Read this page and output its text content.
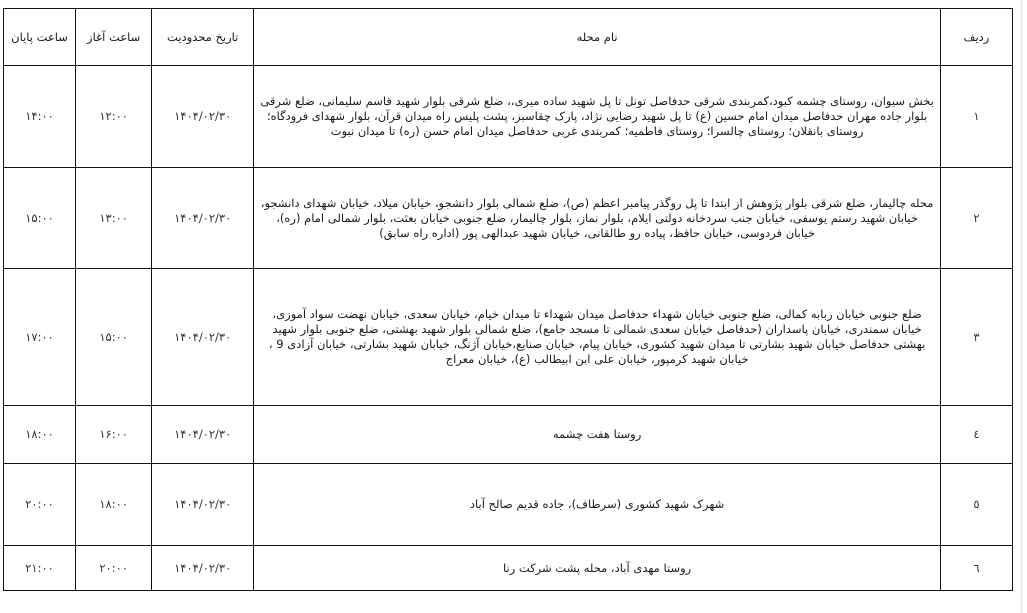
ردیف	نام محله	تاریخ محدودیت	ساعت آغاز	ساعت پایان
۱	بخش سیوان، روستای چشمه کبود،کمربندی شرقی حدفاصل تونل تا پل شهید ساده میری،، ضلع شرقی بلوار شهید قاسم سلیمانی، ضلع شرقی بلوار جاده مهران حدفاصل میدان امام حسین (ع) تا پل شهید رضایی نژاد، پارک چقاسبز، پشت پلیس راه میدان قرآن، بلوار شهدای فرودگاه؛ روستای بانقلان؛ روستای چالسرا؛ روستای فاطمیه؛ کمربندی غربی حدفاصل میدان امام حسن (ره) تا میدان نبوت	۱۴۰۴/۰۲/۳۰	۱۲:۰۰	۱۴:۰۰
۲	محله چالیمار، ضلع شرقی بلوار پژوهش از ابتدا تا پل روگذر پیامبر اعظم (ص)، ضلع شمالی بلوار دانشجو، خیابان میلاد، خیابان شهدای دانشجو، خیابان شهید رستم یوسفی، خیابان جنب سردخانه دولتی ایلام، بلوار نماز، بلوار چالیمار، ضلع جنوبی خیابان بعثت، بلوار شمالی امام (ره)، خیابان فردوسی، خیابان حافظ، پیاده رو طالقانی، خیابان شهید عبدالهی پور (اداره راه سابق)	۱۴۰۴/۰۲/۳۰	۱۳:۰۰	۱۵:۰۰
۳	ضلع جنوبی خیابان ربابه کمالی، ضلع جنوبی خیابان شهداء حدفاصل میدان شهداء تا میدان خیام، خیابان سعدی، خیابان نهضت سواد آموزی، خیابان سمندری، خیابان پاسداران (حدفاصل خیابان سعدی شمالی تا مسجد جامع)، ضلع شمالی بلوار شهید بهشتی، ضلع جنوبی بلوار شهید بهشتی حدفاصل خیابان شهید بشارتی تا میدان شهید کشوری، خیابان پیام، خیابان صنایع،خیابان آژنگ، خیابان شهید بشارتی، خیابان آزادی 9 ، خیابان شهید کرمپور، خیابان علی ابن ابیطالب (ع)، خیابان معراج	۱۴۰۴/۰۲/۳۰	۱۵:۰۰	۱۷:۰۰
٤	روستا هفت چشمه	۱۴۰۴/۰۲/۳۰	۱۶:۰۰	۱۸:۰۰
٥	شهرک شهید کشوری (سرطاف)، جاده قدیم صالح آباد	۱۴۰۴/۰۲/۳۰	۱۸:۰۰	۲۰:۰۰
٦	روستا مهدی آباد، محله پشت شرکت رنا	۱۴۰۴/۰۲/۳۰	۲۰:۰۰	۲۱:۰۰
